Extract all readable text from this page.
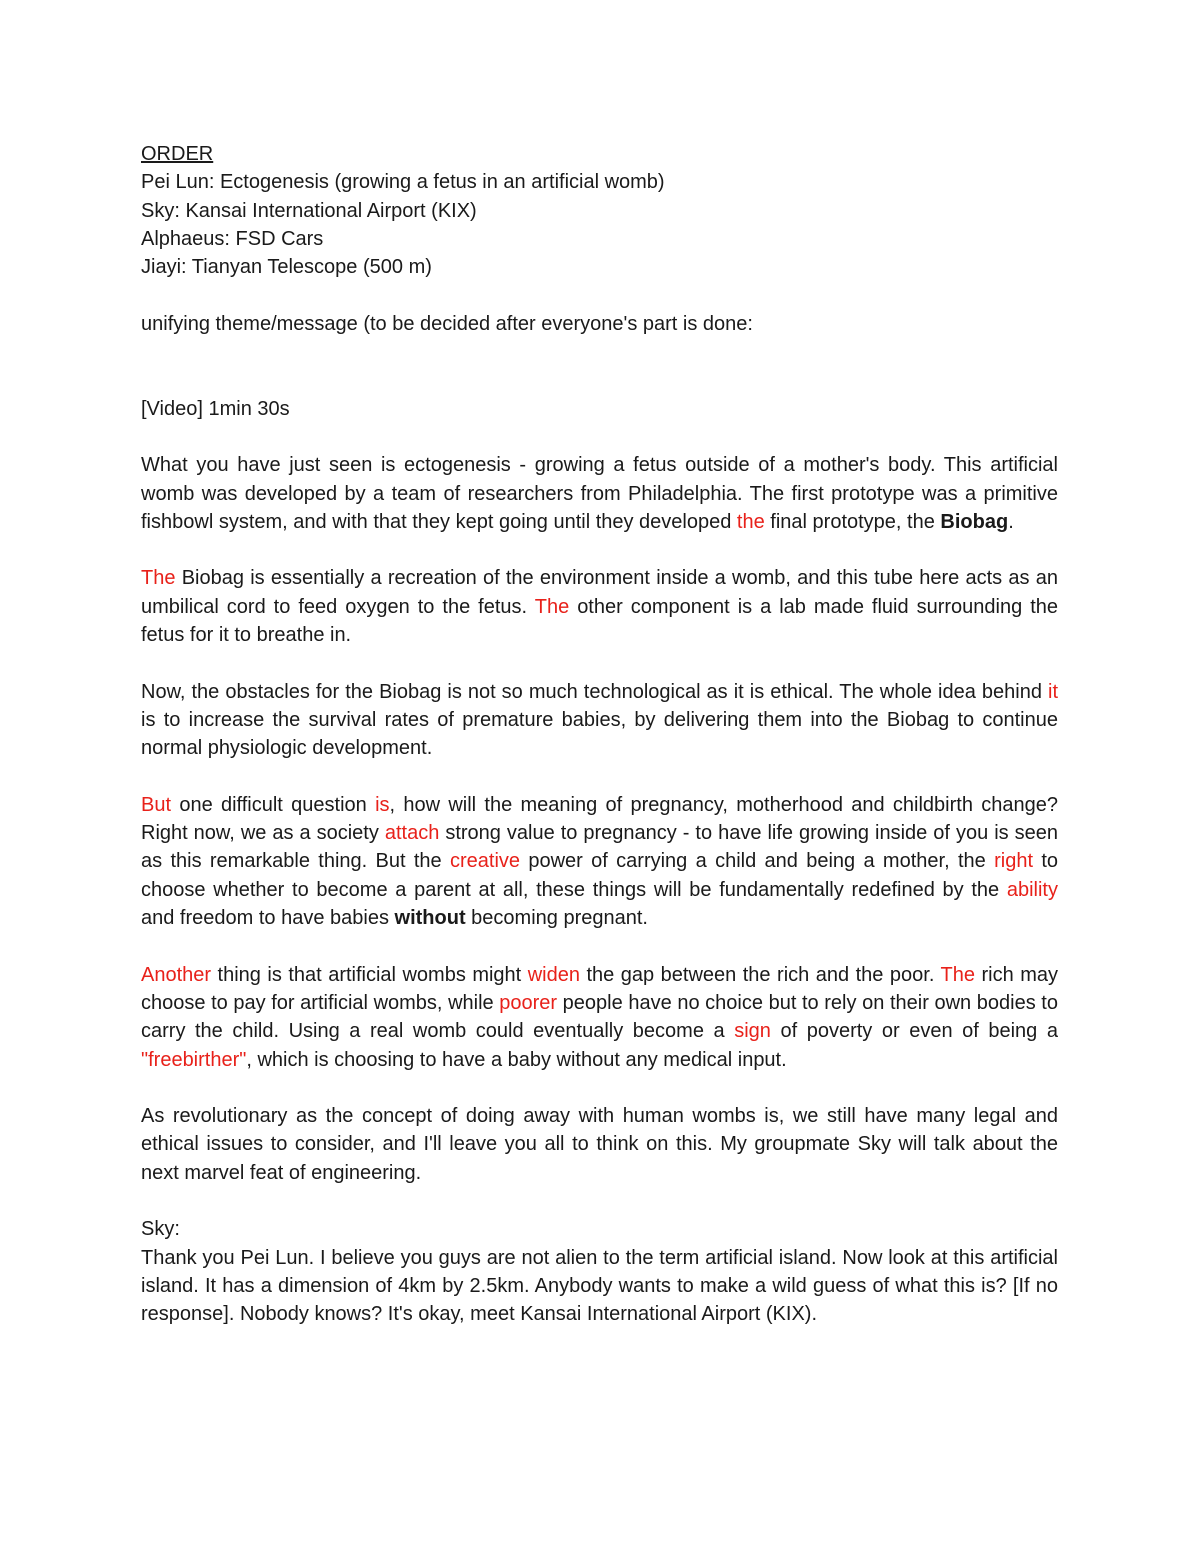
ORDER
Pei Lun: Ectogenesis (growing a fetus in an artificial womb)
Sky: Kansai International Airport (KIX)
Alphaeus: FSD Cars
Jiayi: Tianyan Telescope (500 m)
unifying theme/message (to be decided after everyone's part is done:
[Video] 1min 30s
What you have just seen is ectogenesis - growing a fetus outside of a mother's body. This artificial womb was developed by a team of researchers from Philadelphia. The first prototype was a primitive fishbowl system, and with that they kept going until they developed the final prototype, the Biobag.
The Biobag is essentially a recreation of the environment inside a womb, and this tube here acts as an umbilical cord to feed oxygen to the fetus. The other component is a lab made fluid surrounding the fetus for it to breathe in.
Now, the obstacles for the Biobag is not so much technological as it is ethical. The whole idea behind it is to increase the survival rates of premature babies, by delivering them into the Biobag to continue normal physiologic development.
But one difficult question is, how will the meaning of pregnancy, motherhood and childbirth change? Right now, we as a society attach strong value to pregnancy - to have life growing inside of you is seen as this remarkable thing. But the creative power of carrying a child and being a mother, the right to choose whether to become a parent at all, these things will be fundamentally redefined by the ability and freedom to have babies without becoming pregnant.
Another thing is that artificial wombs might widen the gap between the rich and the poor. The rich may choose to pay for artificial wombs, while poorer people have no choice but to rely on their own bodies to carry the child. Using a real womb could eventually become a sign of poverty or even of being a "freebirther", which is choosing to have a baby without any medical input.
As revolutionary as the concept of doing away with human wombs is, we still have many legal and ethical issues to consider, and I'll leave you all to think on this. My groupmate Sky will talk about the next marvel feat of engineering.
Sky:
Thank you Pei Lun. I believe you guys are not alien to the term artificial island. Now look at this artificial island. It has a dimension of 4km by 2.5km. Anybody wants to make a wild guess of what this is? [If no response]. Nobody knows? It's okay, meet Kansai International Airport (KIX).
